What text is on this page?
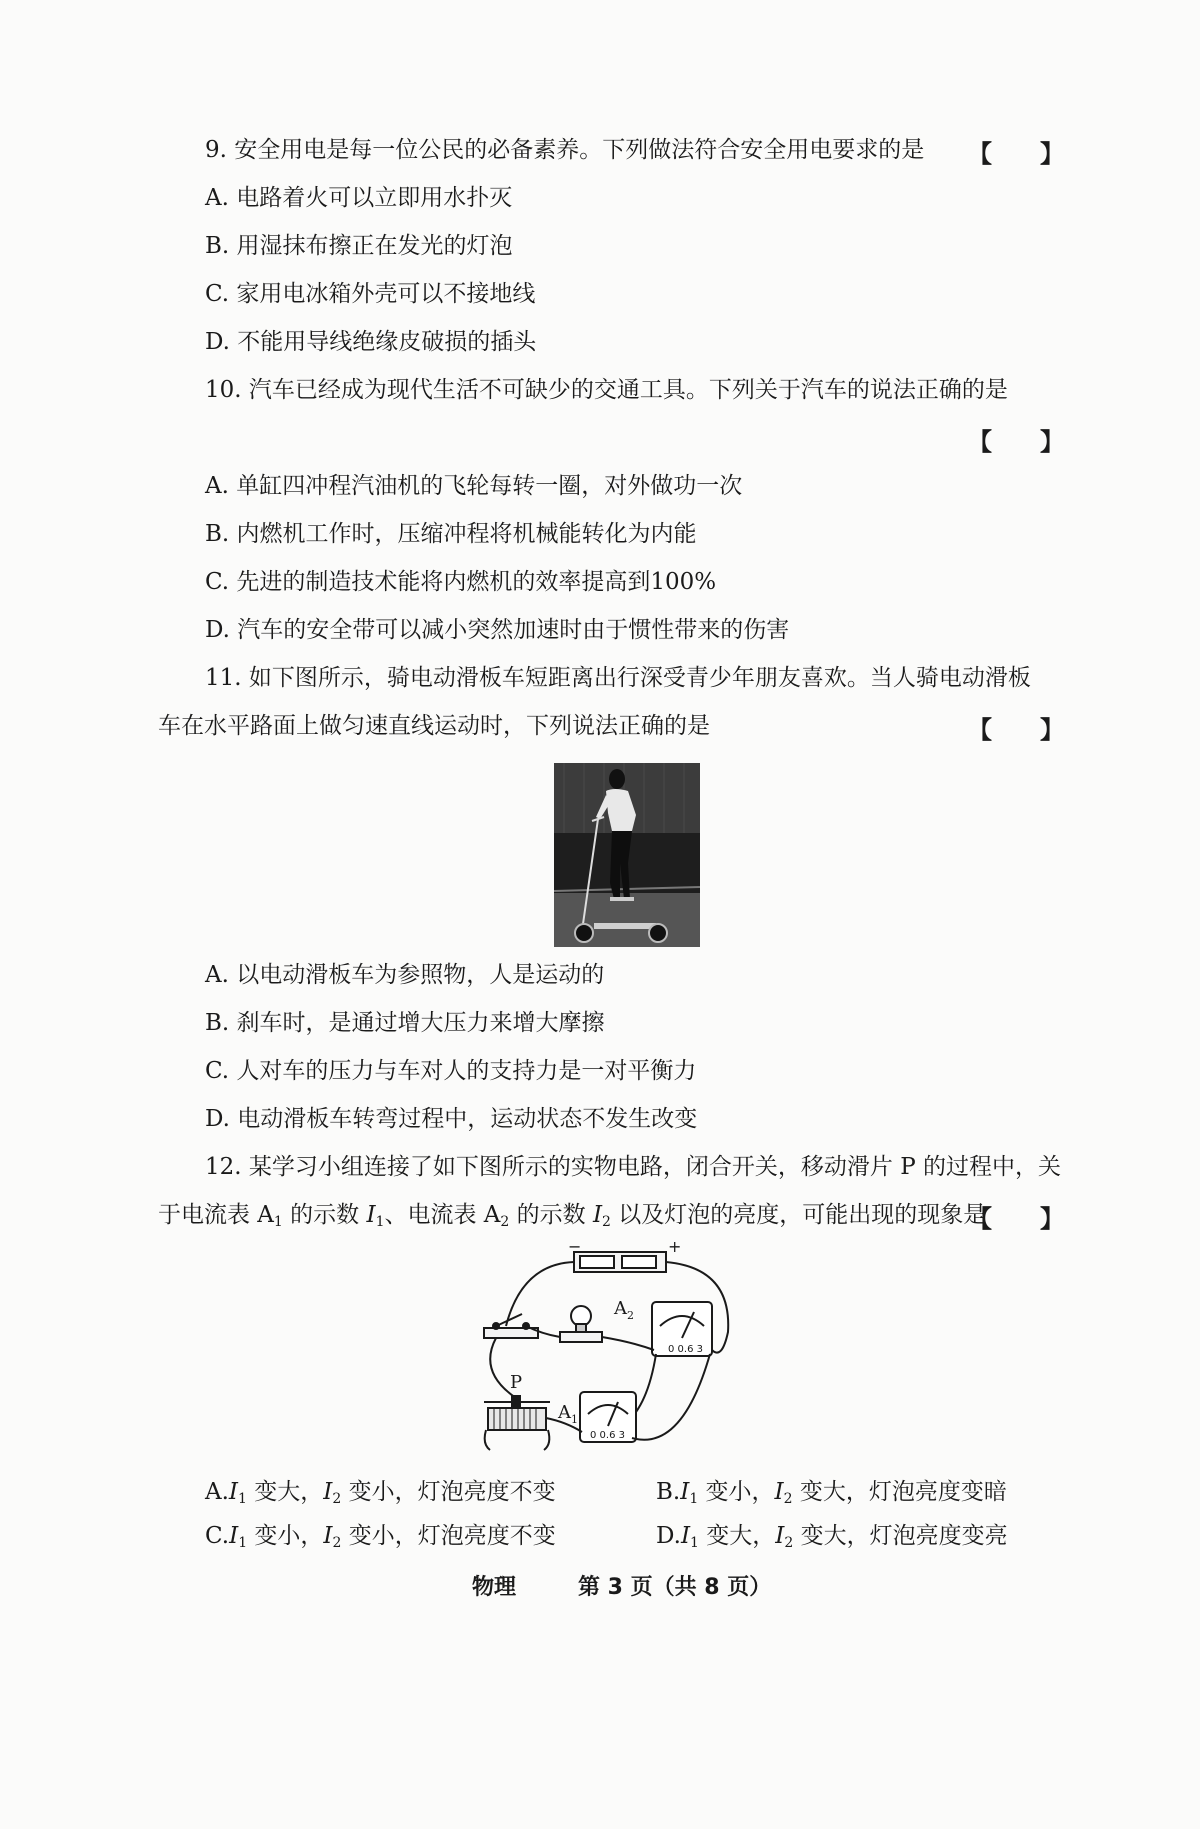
9. 安全用电是每一位公民的必备素养。下列做法符合安全用电要求的是 【　　】
A. 电路着火可以立即用水扑灭
B. 用湿抹布擦正在发光的灯泡
C. 家用电冰箱外壳可以不接地线
D. 不能用导线绝缘皮破损的插头
10. 汽车已经成为现代生活不可缺少的交通工具。下列关于汽车的说法正确的是
【　　】
A. 单缸四冲程汽油机的飞轮每转一圈，对外做功一次
B. 内燃机工作时，压缩冲程将机械能转化为内能
C. 先进的制造技术能将内燃机的效率提高到100%
D. 汽车的安全带可以减小突然加速时由于惯性带来的伤害
11. 如下图所示，骑电动滑板车短距离出行深受青少年朋友喜欢。当人骑电动滑板
车在水平路面上做匀速直线运动时，下列说法正确的是	【　　】
A. 以电动滑板车为参照物，人是运动的
B. 刹车时，是通过增大压力来增大摩擦
C. 人对车的压力与车对人的支持力是一对平衡力
D. 电动滑板车转弯过程中，运动状态不发生改变
12. 某学习小组连接了如下图所示的实物电路，闭合开关，移动滑片 P 的过程中，关
于电流表 $A_1$ 的示数 $I_1$、电流表 $A_2$ 的示数 $I_2$ 以及灯泡的亮度，可能出现的现象是
【　　】
−	+
0 0.6 3
$A_2$
0 0.6 3
$A_1$
P
$A.I_1$ 变大，$I_2$ 变小，灯泡亮度不变	$B.I_1$ 变小，$I_2$ 变大，灯泡亮度变暗
$C.I_1$ 变小，$I_2$ 变小，灯泡亮度不变	$D.I_1$ 变大，$I_2$ 变大，灯泡亮度变亮
物理	第 3 页（共 8 页）
